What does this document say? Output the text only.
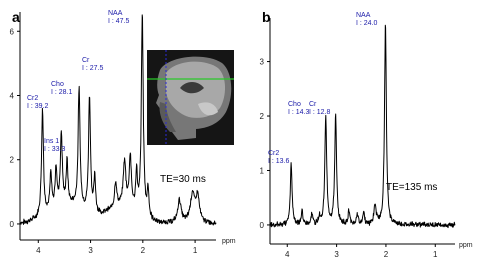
a
0
2
4
6
4	3	2	1
ppm
Cr2
I : 39.2
Ins 1
I : 33.3
Cho
I : 28.1
Cr
I : 27.5
NAA
I : 47.5
TE=30 ms
b
0
1
2
3
4	3	2	1
ppm
Cr2
I : 13.6
Cho
I : 14.3
Cr
I : 12.8
NAA
I : 24.0
TE=135 ms
